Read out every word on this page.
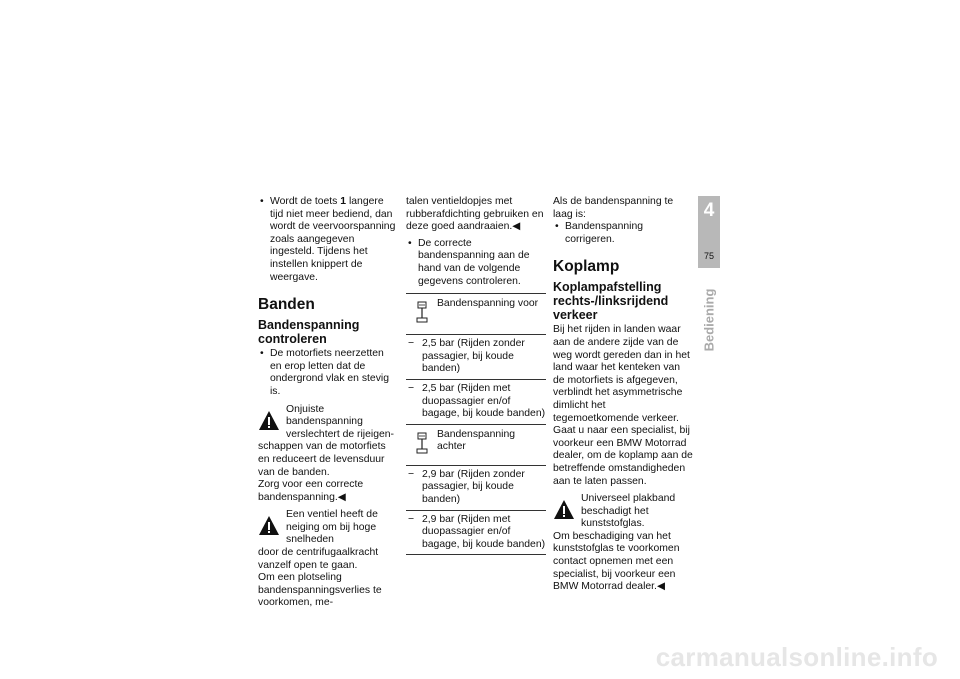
• Wordt de toets 1 langere tijd niet meer bediend, dan wordt de veervoorspanning zoals aangegeven ingesteld. Tijdens het instellen knippert de weergave.

Banden
Bandenspanning controleren

• De motorfiets neerzetten en erop letten dat de ondergrond vlak en stevig is.

Onjuiste bandenspanning verslechtert de rijeigen-
schappen van de motorfiets en reduceert de levensduur van de banden.

Zorg voor een correcte bandenspanning.◀

Een ventiel heeft de neiging om bij hoge snelheden
door de centrifugaalkracht vanzelf open te gaan.

Om een plotseling bandenspanningsverlies te voorkomen, me-

talen ventieldopjes met rubberafdichting gebruiken en deze goed aandraaien.◀

• De correcte bandenspanning aan de hand van de volgende gegevens controleren.

Bandenspanning voor
− 2,5 bar (Rijden zonder passagier, bij koude banden)
− 2,5 bar (Rijden met duopassagier en/of bagage, bij koude banden)
Bandenspanning achter
− 2,9 bar (Rijden zonder passagier, bij koude banden)
− 2,9 bar (Rijden met duopassagier en/of bagage, bij koude banden)

Als de bandenspanning te laag is:

• Bandenspanning corrigeren.

Koplamp
Koplampafstelling rechts-/linksrijdend verkeer

Bij het rijden in landen waar aan de andere zijde van de weg wordt gereden dan in het land waar het kenteken van de motorfiets is afgegeven, verblindt het asymmetrische dimlicht het tegemoetkomende verkeer.

Gaat u naar een specialist, bij voorkeur een BMW Motorrad dealer, om de koplamp aan de betreffende omstandigheden aan te laten passen.

Universeel plakband beschadigt het kunststofglas.
Om beschadiging van het kunststofglas te voorkomen contact opnemen met een specialist, bij voorkeur een BMW Motorrad dealer.◀
4
75
Bediening
carmanualsonline.info
